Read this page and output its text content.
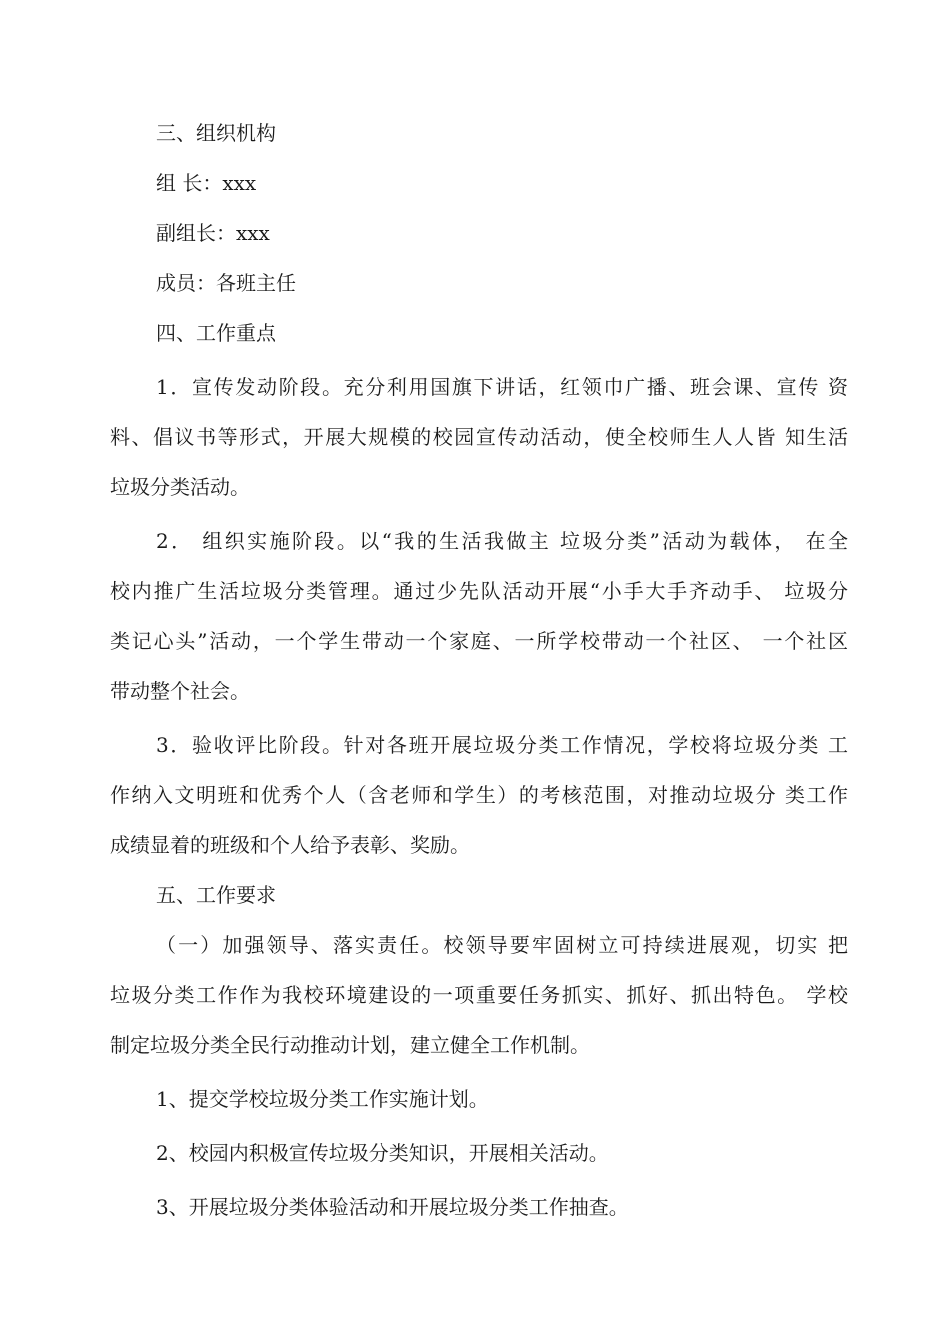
三、组织机构

组 长：xxx

副组长：xxx

成员：各班主任

四、工作重点

1．宣传发动阶段。充分利用国旗下讲话，红领巾广播、班会课、宣传 资
料、倡议书等形式，开展大规模的校园宣传动活动，使全校师生人人皆 知生活
垃圾分类活动。

2． 组织实施阶段。以“我的生活我做主 垃圾分类”活动为载体， 在全
校内推广生活垃圾分类管理。通过少先队活动开展“小手大手齐动手、 垃圾分
类记心头”活动，一个学生带动一个家庭、一所学校带动一个社区、 一个社区
带动整个社会。

3．验收评比阶段。针对各班开展垃圾分类工作情况，学校将垃圾分类 工
作纳入文明班和优秀个人（含老师和学生）的考核范围，对推动垃圾分 类工作
成绩显着的班级和个人给予表彰、奖励。

五、工作要求

（一）加强领导、落实责任。校领导要牢固树立可持续进展观，切实 把
垃圾分类工作作为我校环境建设的一项重要任务抓实、抓好、抓出特色。 学校
制定垃圾分类全民行动推动计划，建立健全工作机制。

1、提交学校垃圾分类工作实施计划。

2、校园内积极宣传垃圾分类知识，开展相关活动。

3、开展垃圾分类体验活动和开展垃圾分类工作抽查。
